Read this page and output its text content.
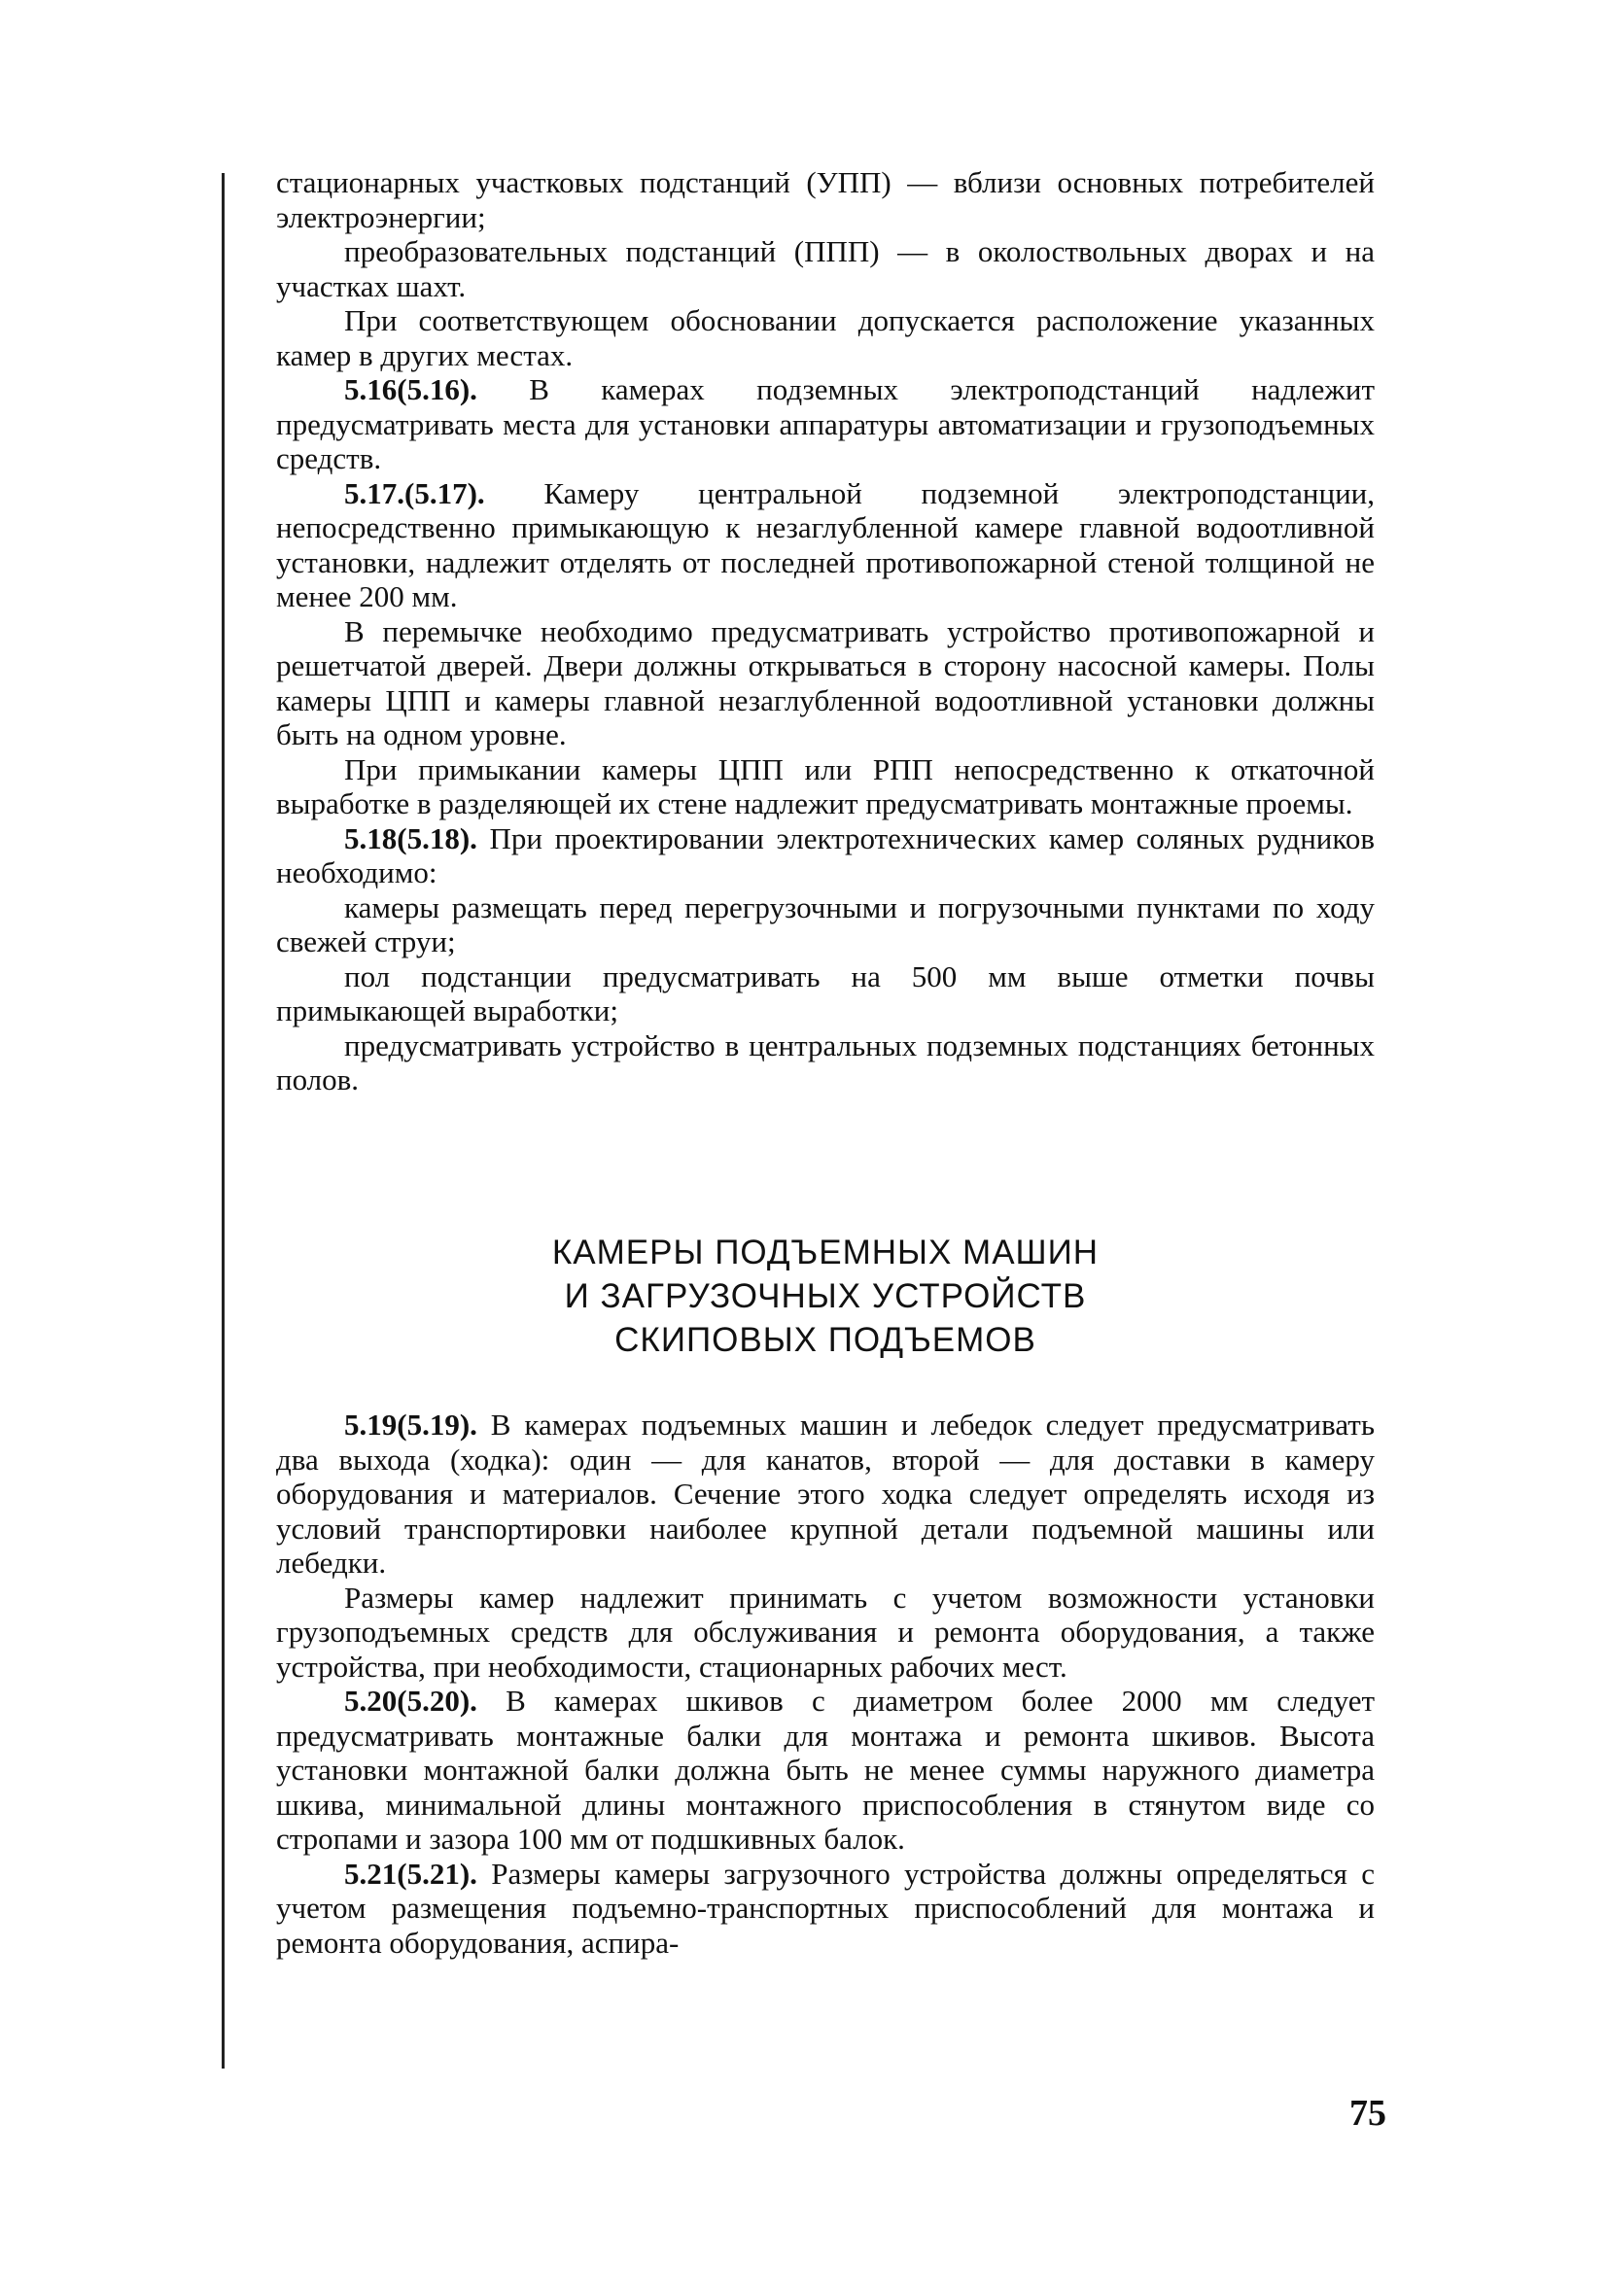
стационарных участковых подстанций (УПП) — вблизи основных потребителей электроэнергии;

преобразовательных подстанций (ППП) — в околоствольных дворах и на участках шахт.

При соответствующем обосновании допускается расположение указанных камер в других местах.

5.16(5.16). В камерах подземных электроподстанций надлежит предусматривать места для установки аппаратуры автоматизации и грузоподъемных средств.

5.17.(5.17). Камеру центральной подземной электроподстанции, непосредственно примыкающую к незаглубленной камере главной водоотливной установки, надлежит отделять от последней противопожарной стеной толщиной не менее 200 мм.

В перемычке необходимо предусматривать устройство противопожарной и решетчатой дверей. Двери должны открываться в сторону насосной камеры. Полы камеры ЦПП и камеры главной незаглубленной водоотливной установки должны быть на одном уровне.

При примыкании камеры ЦПП или РПП непосредственно к откаточной выработке в разделяющей их стене надлежит предусматривать монтажные проемы.

5.18(5.18). При проектировании электротехнических камер соляных рудников необходимо:

камеры размещать перед перегрузочными и погрузочными пунктами по ходу свежей струи;

пол подстанции предусматривать на 500 мм выше отметки почвы примыкающей выработки;

предусматривать устройство в центральных подземных подстанциях бетонных полов.

КАМЕРЫ ПОДЪЕМНЫХ МАШИН
И ЗАГРУЗОЧНЫХ УСТРОЙСТВ
СКИПОВЫХ ПОДЪЕМОВ

5.19(5.19). В камерах подъемных машин и лебедок следует предусматривать два выхода (ходка): один — для канатов, второй — для доставки в камеру оборудования и материалов. Сечение этого ходка следует определять исходя из условий транспортировки наиболее крупной детали подъемной машины или лебедки.

Размеры камер надлежит принимать с учетом возможности установки грузоподъемных средств для обслуживания и ремонта оборудования, а также устройства, при необходимости, стационарных рабочих мест.

5.20(5.20). В камерах шкивов с диаметром более 2000 мм следует предусматривать монтажные балки для монтажа и ремонта шкивов. Высота установки монтажной балки должна быть не менее суммы наружного диаметра шкива, минимальной длины монтажного приспособления в стянутом виде со стропами и зазора 100 мм от подшкивных балок.

5.21(5.21). Размеры камеры загрузочного устройства должны определяться с учетом размещения подъемно-транспортных приспособлений для монтажа и ремонта оборудования, аспира-

75
